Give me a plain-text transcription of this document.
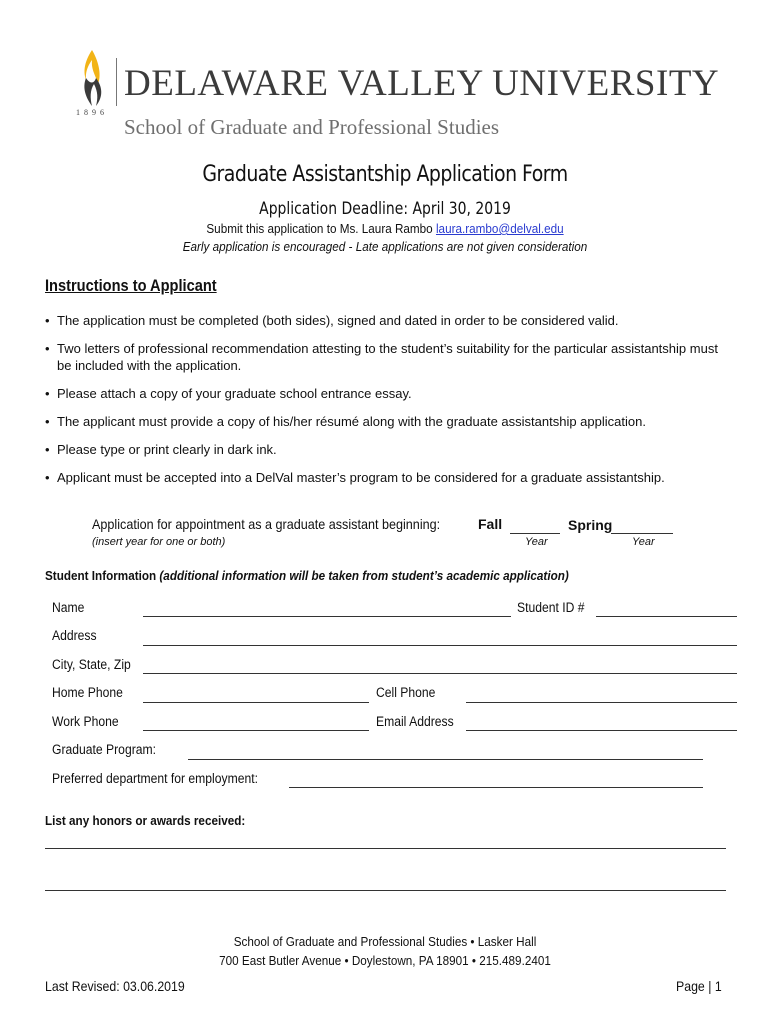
1896
DELAWARE VALLEY UNIVERSITY
School of Graduate and Professional Studies
Graduate Assistantship Application Form
Application Deadline: April 30, 2019
Submit this application to Ms. Laura Rambo laura.rambo@delval.edu
Early application is encouraged - Late applications are not given consideration
Instructions to Applicant
• The application must be completed (both sides), signed and dated in order to be considered valid.
• Two letters of professional recommendation attesting to the student’s suitability for the particular assistantship must be included with the application.
• Please attach a copy of your graduate school entrance essay.
• The applicant must provide a copy of his/her résumé along with the graduate assistantship application.
• Please type or print clearly in dark ink.
• Applicant must be accepted into a DelVal master’s program to be considered for a graduate assistantship.
Application for appointment as a graduate assistant beginning:
(insert year for one or both)
Fall	Spring
Year	Year
Student Information (additional information will be taken from student’s academic application)
Name	Student ID #
Address
City, State, Zip
Home Phone	Cell Phone
Work Phone	Email Address
Graduate Program:
Preferred department for employment:
List any honors or awards received:
School of Graduate and Professional Studies • Lasker Hall
700 East Butler Avenue • Doylestown, PA 18901 • 215.489.2401
Last Revised: 03.06.2019	Page | 1
